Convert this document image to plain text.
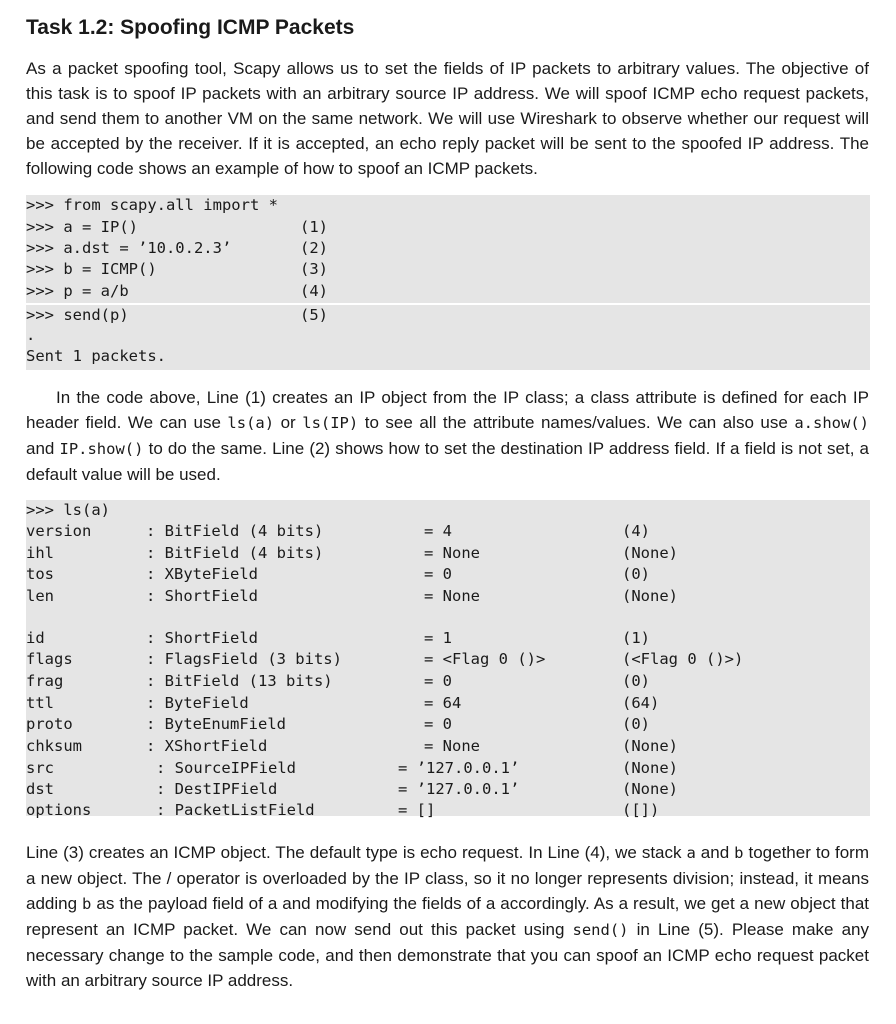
Task 1.2: Spoofing ICMP Packets

As a packet spoofing tool, Scapy allows us to set the fields of IP packets to arbitrary values. The objective of this task is to spoof IP packets with an arbitrary source IP address. We will spoof ICMP echo request packets, and send them to another VM on the same network. We will use Wireshark to observe whether our request will be accepted by the receiver. If it is accepted, an echo reply packet will be sent to the spoofed IP address. The following code shows an example of how to spoof an ICMP packets.

>>> from scapy.all import *
>>> a = IP()	(1)
>>> a.dst = ’10.0.2.3’	(2)
>>> b = ICMP()	(3)
>>> p = a/b	(4)
>>> send(p)	(5)
.
Sent 1 packets.

In the code above, Line (1) creates an IP object from the IP class; a class attribute is defined for each IP header field. We can use ls(a) or ls(IP) to see all the attribute names/values. We can also use a.show() and IP.show() to do the same. Line (2) shows how to set the destination IP address field. If a field is not set, a default value will be used.

>>> ls(a)
version	: BitField (4 bits)	= 4	(4)
ihl	: BitField (4 bits)	= None	(None)
tos	: XByteField	= 0	(0)
len	: ShortField	= None	(None)
id	: ShortField	= 1	(1)
flags	: FlagsField (3 bits)	= <Flag 0 ()>	(<Flag 0 ()>)
frag	: BitField (13 bits)	= 0	(0)
ttl	: ByteField	= 64	(64)
proto	: ByteEnumField	= 0	(0)
chksum	: XShortField	= None	(None)
src	: SourceIPField	= ’127.0.0.1’	(None)
dst	: DestIPField	= ’127.0.0.1’	(None)
options	: PacketListField	= []	([])

Line (3) creates an ICMP object. The default type is echo request. In Line (4), we stack a and b together to form a new object. The / operator is overloaded by the IP class, so it no longer represents division; instead, it means adding b as the payload field of a and modifying the fields of a accordingly. As a result, we get a new object that represent an ICMP packet. We can now send out this packet using send() in Line (5). Please make any necessary change to the sample code, and then demonstrate that you can spoof an ICMP echo request packet with an arbitrary source IP address.
